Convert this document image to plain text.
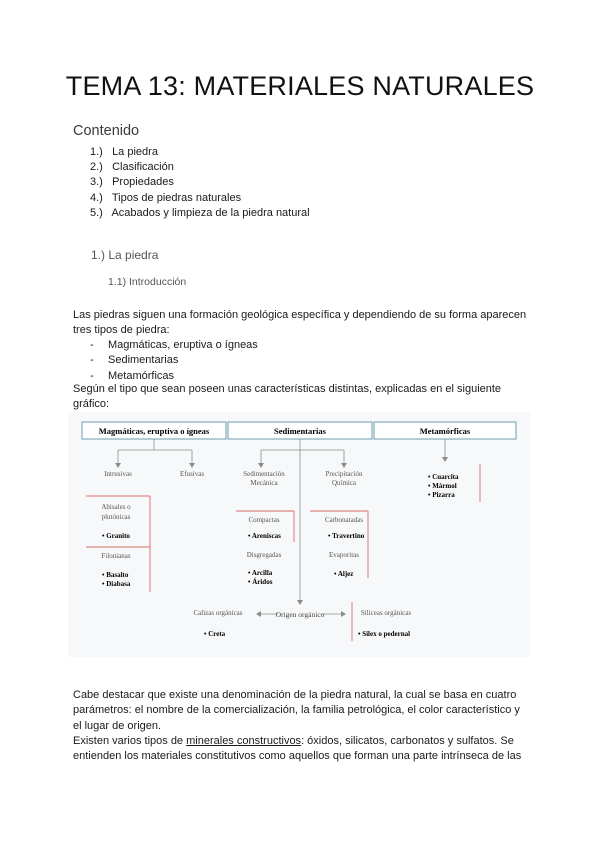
TEMA 13: MATERIALES NATURALES
Contenido
1.) La piedra
2.) Clasificación
3.) Propiedades
4.) Tipos de piedras naturales
5.) Acabados y limpieza de la piedra natural
1.) La piedra
1.1) Introducción
Las piedras siguen una formación geológica específica y dependiendo de su forma aparecen tres tipos de piedra:
- Magmáticas, eruptiva o ígneas
- Sedimentarias
- Metamórficas
Según el tipo que sean poseen unas características distintas, explicadas en el siguiente gráfico:
Magmáticas, eruptiva o ígneas	Sedimentarias	Metamórficas
Intrusivas	Efusivas
Abisales o
plutónicas
• Granito
Filonianas
• Basalto
• Diabasa
Sedimentación
Mecánica
Compactas
• Areniscas
Disgregadas
• Arcilla
• Áridos
Precipitación
Química
Carbonatadas
• Travertino
Evaporitas
• Aljez
• Cuarcita
• Mármol
• Pizarra
Calizas orgánicas	Origen orgánico	Silíceas orgánicas
• Creta	• Sílex o pedernal
Cabe destacar que existe una denominación de la piedra natural, la cual se basa en cuatro parámetros: el nombre de la comercialización, la familia petrológica, el color característico y el lugar de origen.
Existen varios tipos de minerales constructivos: óxidos, silicatos, carbonatos y sulfatos. Se entienden los materiales constitutivos como aquellos que forman una parte intrínseca de las
